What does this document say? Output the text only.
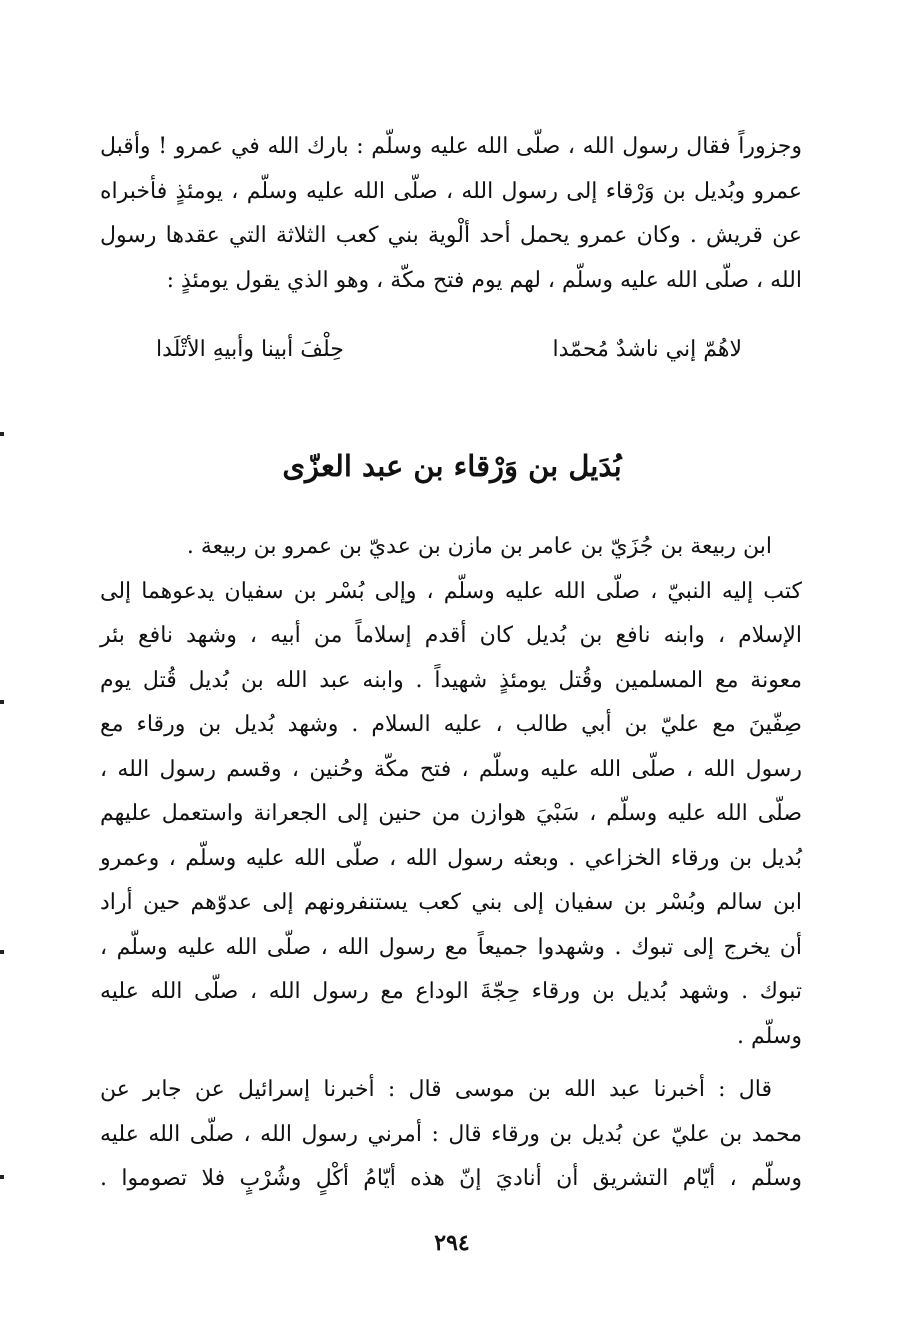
وجزوراً فقال رسول الله ، صلّى الله عليه وسلّم : بارك الله في عمرو ! وأقبل
عمرو وبُديل بن وَرْقاء إلى رسول الله ، صلّى الله عليه وسلّم ، يومئذٍ فأخبراه
عن قريش . وكان عمرو يحمل أحد ألْوية بني كعب الثلاثة التي عقدها رسول
الله ، صلّى الله عليه وسلّم ، لهم يوم فتح مكّة ، وهو الذي يقول يومئذٍ :

لاهُمّ إني ناشدٌ مُحمّدا
حِلْفَ أبينا وأبيهِ الأتْلَدا
بُدَيل بن وَرْقاء بن عبد العزّى

ابن ربيعة بن جُزَيّ بن عامر بن مازن بن عديّ بن عمرو بن ربيعة .
كتب إليه النبيّ ، صلّى الله عليه وسلّم ، وإلى بُسْر بن سفيان يدعوهما إلى
الإسلام ، وابنه نافع بن بُديل كان أقدم إسلاماً من أبيه ، وشهد نافع بئر
معونة مع المسلمين وقُتل يومئذٍ شهيداً . وابنه عبد الله بن بُديل قُتل يوم
صِفّينَ مع عليّ بن أبي طالب ، عليه السلام . وشهد بُديل بن ورقاء مع
رسول الله ، صلّى الله عليه وسلّم ، فتح مكّة وحُنين ، وقسم رسول الله ،
صلّى الله عليه وسلّم ، سَبْيَ هوازن من حنين إلى الجعرانة واستعمل عليهم
بُديل بن ورقاء الخزاعي . وبعثه رسول الله ، صلّى الله عليه وسلّم ، وعمرو
ابن سالم وبُسْر بن سفيان إلى بني كعب يستنفرونهم إلى عدوّهم حين أراد
أن يخرج إلى تبوك . وشهدوا جميعاً مع رسول الله ، صلّى الله عليه وسلّم ،
تبوك . وشهد بُديل بن ورقاء حِجّةَ الوداع مع رسول الله ، صلّى الله عليه
وسلّم .

قال : أخبرنا عبد الله بن موسى قال : أخبرنا إسرائيل عن جابر عن
محمد بن عليّ عن بُديل بن ورقاء قال : أمرني رسول الله ، صلّى الله عليه
وسلّم ، أيّام التشريق أن أناديَ إنّ هذه أيّامُ أكْلٍ وشُرْبٍ فلا تصوموا .

٢٩٤
